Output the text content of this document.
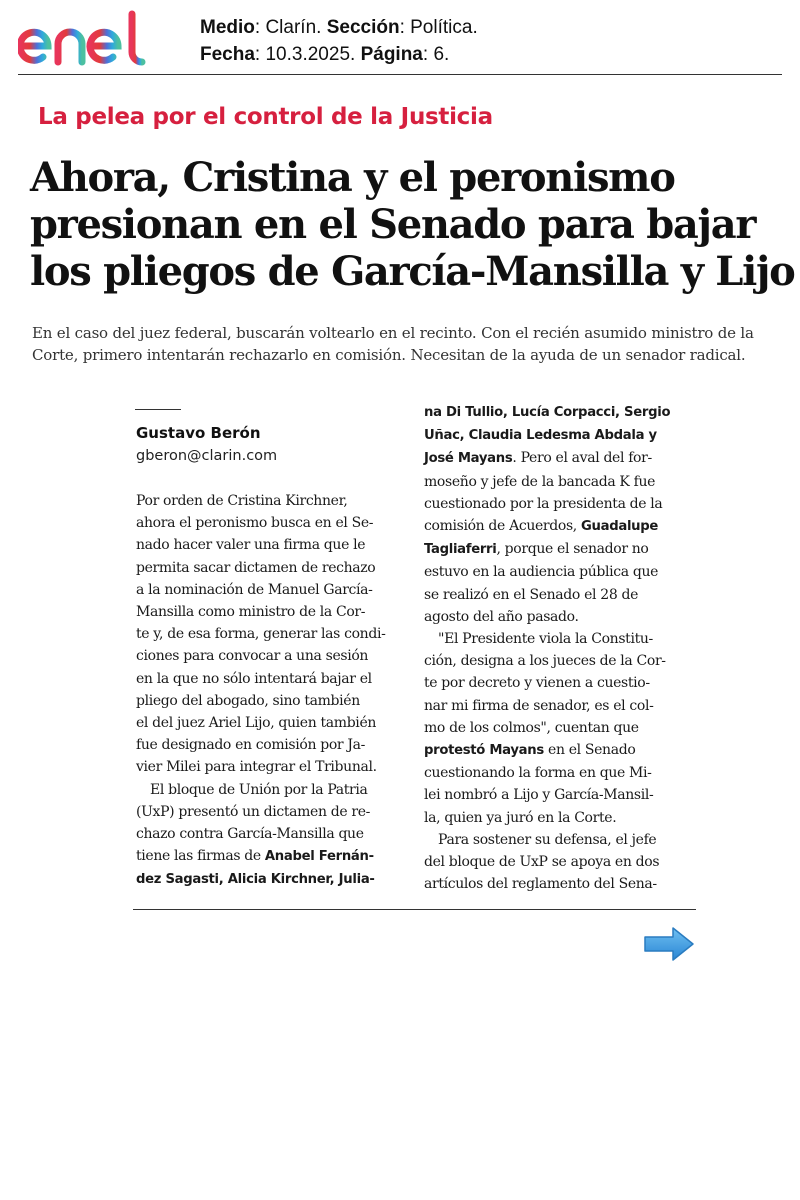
Medio: Clarín. Sección: Política.
Fecha: 10.3.2025. Página: 6.
La pelea por el control de la Justicia
Ahora, Cristina y el peronismo
presionan en el Senado para bajar
los pliegos de García-Mansilla y Lijo
En el caso del juez federal, buscarán voltearlo en el recinto. Con el recién asumido ministro de la
Corte, primero intentarán rechazarlo en comisión. Necesitan de la ayuda de un senador radical.
Gustavo Berón
gberon@clarin.com

Por orden de Cristina Kirchner,
ahora el peronismo busca en el Se-
nado hacer valer una firma que le
permita sacar dictamen de rechazo
a la nominación de Manuel García-
Mansilla como ministro de la Cor-
te y, de esa forma, generar las condi-
ciones para convocar a una sesión
en la que no sólo intentará bajar el
pliego del abogado, sino también
el del juez Ariel Lijo, quien también
fue designado en comisión por Ja-
vier Milei para integrar el Tribunal.

El bloque de Unión por la Patria
(UxP) presentó un dictamen de re-
chazo contra García-Mansilla que
tiene las firmas de Anabel Fernán-
dez Sagasti, Alicia Kirchner, Julia-

na Di Tullio, Lucía Corpacci, Sergio
Uñac, Claudia Ledesma Abdala y
José Mayans. Pero el aval del for-
moseño y jefe de la bancada K fue
cuestionado por la presidenta de la
comisión de Acuerdos, Guadalupe
Tagliaferri, porque el senador no
estuvo en la audiencia pública que
se realizó en el Senado el 28 de
agosto del año pasado.

"El Presidente viola la Constitu-
ción, designa a los jueces de la Cor-
te por decreto y vienen a cuestio-
nar mi firma de senador, es el col-
mo de los colmos", cuentan que
protestó Mayans en el Senado
cuestionando la forma en que Mi-
lei nombró a Lijo y García-Mansil-
la, quien ya juró en la Corte.

Para sostener su defensa, el jefe
del bloque de UxP se apoya en dos
artículos del reglamento del Sena-
